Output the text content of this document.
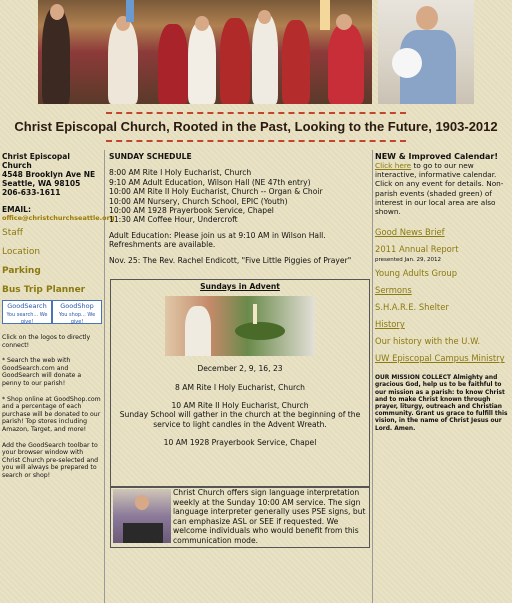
Christ Episcopal Church, Rooted in the Past, Looking to the Future, 1903-2012
Christ Episcopal Church
4548 Brooklyn Ave NE
Seattle, WA 98105
206-633-1611
EMAIL:
office@christchurchseattle.org
Staff
Location
Parking
Bus Trip Planner
GoodSearch
You search... We give!
GoodShop
You shop... We give!
Click on the logos to directly connect!
* Search the web with GoodSearch.com and GoodSearch will donate a penny to our parish!
* Shop online at GoodShop.com and a percentage of each purchase will be donated to our parish! Top stores including Amazon, Target, and more!
Add the GoodSearch toolbar to your browser window with Christ Church pre-selected and you will always be prepared to search or shop!
SUNDAY SCHEDULE
8:00 AM Rite I Holy Eucharist, Church
9:10 AM Adult Education, Wilson Hall (NE 47th entry)
10:00 AM Rite II Holy Eucharist, Church -- Organ & Choir
10:00 AM Nursery, Church School, EPIC (Youth)
10:00 AM 1928 Prayerbook Service, Chapel
11:30 AM Coffee Hour, Undercroft
Adult Education: Please join us at 9:10 AM in Wilson Hall. Refreshments are available.
Nov. 25: The Rev. Rachel Endicott, "Five Little Piggies of Prayer"
Sundays in Advent
December 2, 9, 16, 23
8 AM Rite I Holy Eucharist, Church
10 AM Rite II Holy Eucharist, Church
Sunday School will gather in the church at the beginning of the service to light candles in the Advent Wreath.
10 AM 1928 Prayerbook Service, Chapel
Christ Church offers sign language interpretation weekly at the Sunday 10:00 AM service. The sign language interpreter generally uses PSE signs, but can emphasize ASL or SEE if requested. We welcome individuals who would benefit from this communication mode.
NEW & Improved Calendar!
Click here to go to our new interactive, informative calendar. Click on any event for details. Non-parish events (shaded green) of interest in our local area are also shown.
Good News Brief
2011 Annual Report
presented Jan. 29, 2012
Young Adults Group
Sermons
S.H.A.R.E. Shelter
History
Our history with the U.W.
UW Episcopal Campus Ministry
OUR MISSION COLLECT Almighty and gracious God, help us to be faithful to our mission as a parish: to know Christ and to make Christ known through prayer, liturgy, outreach and Christian community. Grant us grace to fulfill this vision, in the name of Christ Jesus our Lord. Amen.
